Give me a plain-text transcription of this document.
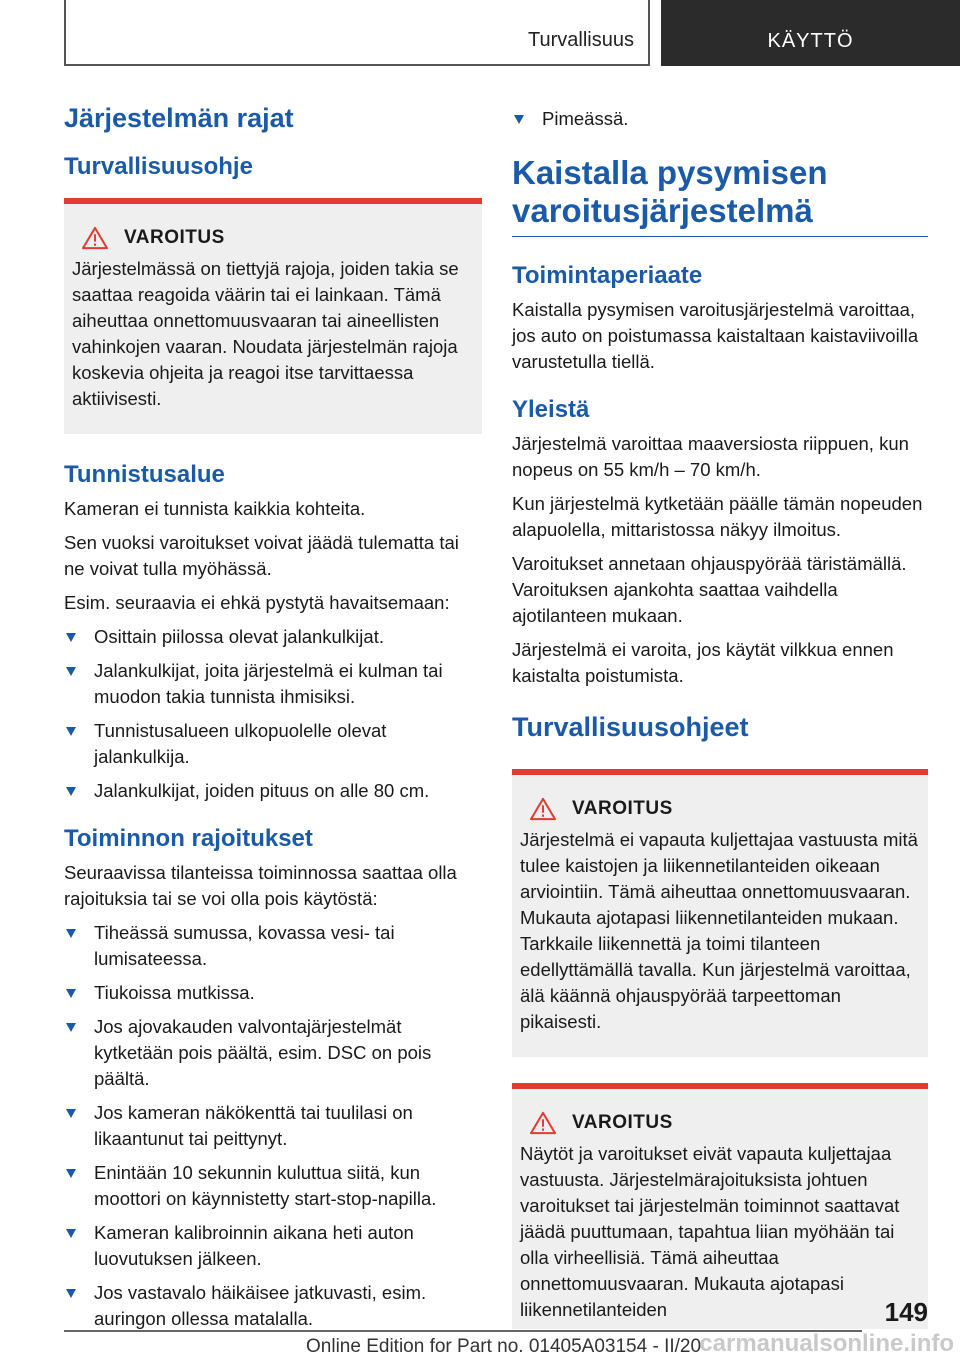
Turvallisuus	KÄYTTÖ
Järjestelmän rajat
Turvallisuusohje
VAROITUS

Järjestelmässä on tiettyjä rajoja, joiden takia se saattaa reagoida väärin tai ei lainkaan. Tämä aiheuttaa onnettomuusvaaran tai aineellisten vahinkojen vaaran. Noudata järjestelmän rajoja koskevia ohjeita ja reagoi itse tarvittaessa aktiivisesti.

Tunnistusalue

Kameran ei tunnista kaikkia kohteita.

Sen vuoksi varoitukset voivat jäädä tulematta tai ne voivat tulla myöhässä.

Esim. seuraavia ei ehkä pystytä havaitsemaan:

Osittain piilossa olevat jalankulkijat.
Jalankulkijat, joita järjestelmä ei kulman tai muodon takia tunnista ihmisiksi.
Tunnistusalueen ulkopuolelle olevat jalankulkija.
Jalankulkijat, joiden pituus on alle 80 cm.
Toiminnon rajoitukset

Seuraavissa tilanteissa toiminnossa saattaa olla rajoituksia tai se voi olla pois käytöstä:

Tiheässä sumussa, kovassa vesi- tai lumisateessa.
Tiukoissa mutkissa.
Jos ajovakauden valvontajärjestelmät kytketään pois päältä, esim. DSC on pois päältä.
Jos kameran näkökenttä tai tuulilasi on likaantunut tai peittynyt.
Enintään 10 sekunnin kuluttua siitä, kun moottori on käynnistetty start-stop-napilla.
Kameran kalibroinnin aikana heti auton luovutuksen jälkeen.
Jos vastavalo häikäisee jatkuvasti, esim. auringon ollessa matalalla.
Pimeässä.
Kaistalla pysymisen varoitusjärjestelmä
Toimintaperiaate

Kaistalla pysymisen varoitusjärjestelmä varoittaa, jos auto on poistumassa kaistaltaan kaistaviivoilla varustetulla tiellä.

Yleistä

Järjestelmä varoittaa maaversiosta riippuen, kun nopeus on 55 km/h – 70 km/h.

Kun järjestelmä kytketään päälle tämän nopeuden alapuolella, mittaristossa näkyy ilmoitus.

Varoitukset annetaan ohjauspyörää täristämällä. Varoituksen ajankohta saattaa vaihdella ajotilanteen mukaan.

Järjestelmä ei varoita, jos käytät vilkkua ennen kaistalta poistumista.

Turvallisuusohjeet
VAROITUS

Järjestelmä ei vapauta kuljettajaa vastuusta mitä tulee kaistojen ja liikennetilanteiden oikeaan arviointiin. Tämä aiheuttaa onnettomuusvaaran. Mukauta ajotapasi liikennetilanteiden mukaan. Tarkkaile liikennettä ja toimi tilanteen edellyttämällä tavalla. Kun järjestelmä varoittaa, älä käännä ohjauspyörää tarpeettoman pikaisesti.

VAROITUS

Näytöt ja varoitukset eivät vapauta kuljettajaa vastuusta. Järjestelmärajoituksista johtuen varoitukset tai järjestelmän toiminnot saattavat jäädä puuttumaan, tapahtua liian myöhään tai olla virheellisiä. Tämä aiheuttaa onnettomuusvaaran. Mukauta ajotapasi liikennetilanteiden	149
Online Edition for Part no. 01405A03154 - II/20
carmanualsonline.info
